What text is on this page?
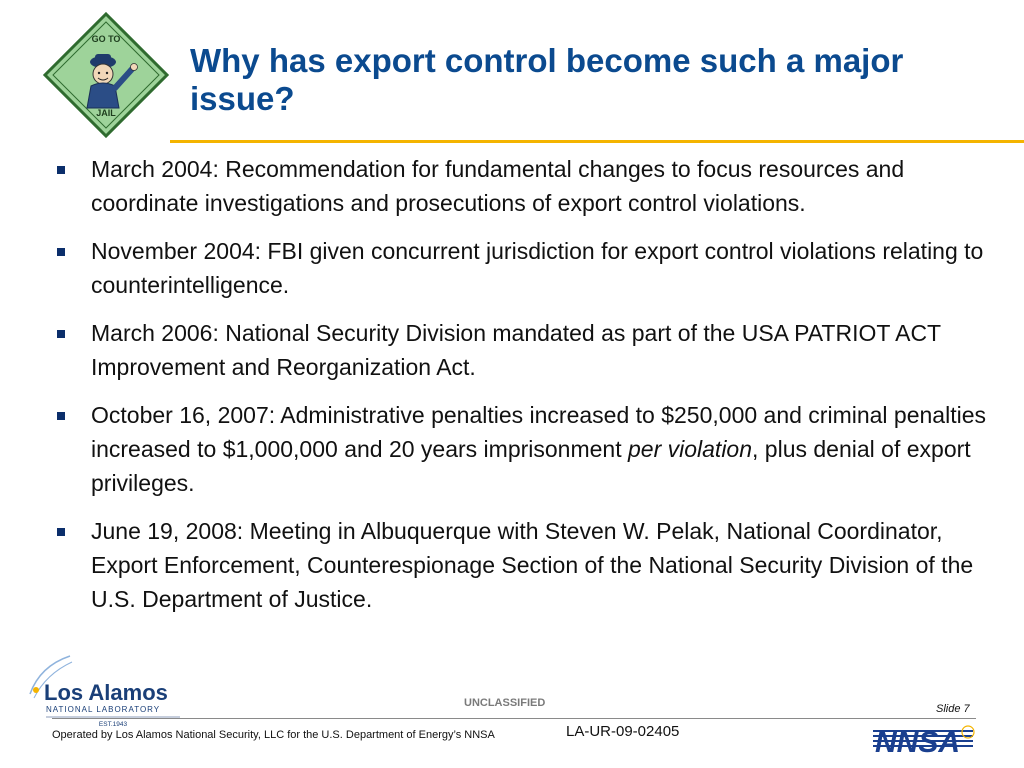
GO TO
JAIL
Why has export control become such a major issue?
March 2004: Recommendation for fundamental changes to focus resources and coordinate investigations and prosecutions of export control violations.
November 2004: FBI given concurrent jurisdiction for export control violations relating to counterintelligence.
March 2006: National Security Division mandated as part of the USA PATRIOT ACT Improvement and Reorganization Act.
October 16, 2007: Administrative penalties increased to $250,000 and criminal penalties increased to $1,000,000 and 20 years imprisonment per violation, plus denial of export privileges.
June 19, 2008: Meeting in Albuquerque with Steven W. Pelak, National Coordinator, Export Enforcement, Counterespionage Section of the National Security Division of the U.S. Department of Justice.
Los Alamos
NATIONAL LABORATORY
EST.1943
UNCLASSIFIED	Slide 7
Operated by Los Alamos National Security, LLC for the U.S. Department of Energy’s NNSA	LA-UR-09-02405	NNSA
